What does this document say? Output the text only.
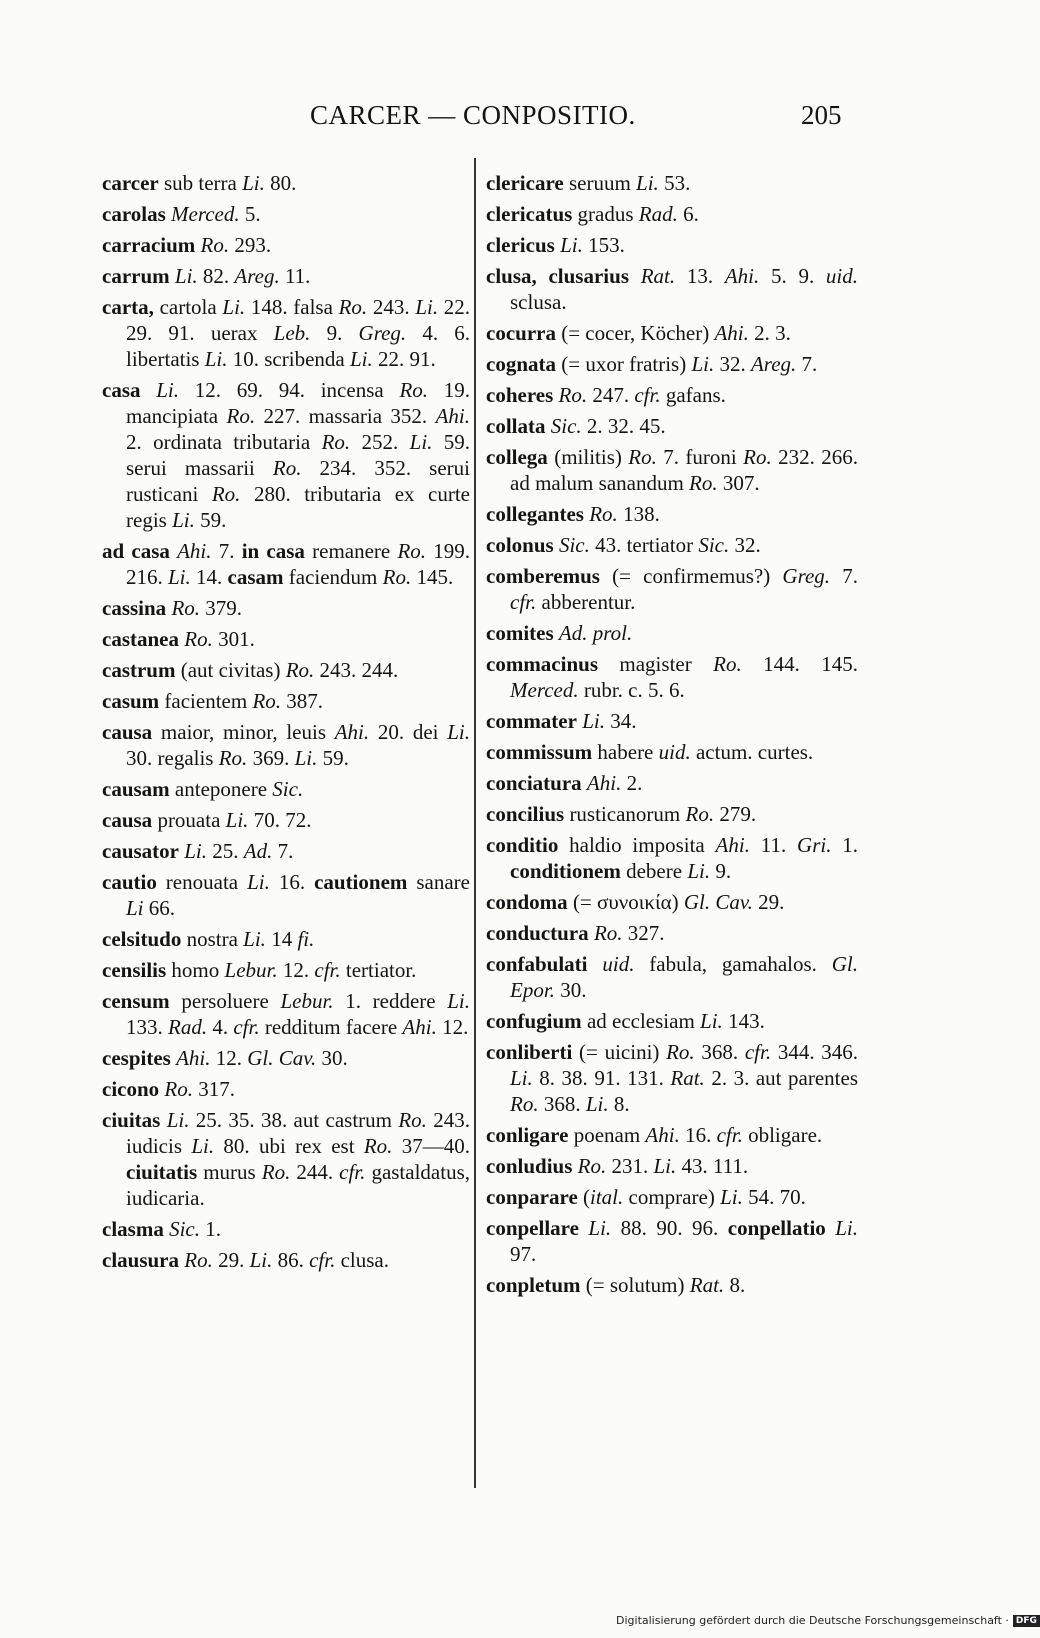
CARCER — CONPOSITIO.	205
carcer sub terra Li. 80.
carolas Merced. 5.
carracium Ro. 293.
carrum Li. 82. Areg. 11.
carta, cartola Li. 148. falsa Ro. 243. Li. 22. 29. 91. uerax Leb. 9. Greg. 4. 6. libertatis Li. 10. scribenda Li. 22. 91.
casa Li. 12. 69. 94. incensa Ro. 19. mancipiata Ro. 227. massaria 352. Ahi. 2. ordinata tributaria Ro. 252. Li. 59. serui massarii Ro. 234. 352. serui rusticani Ro. 280. tributaria ex curte regis Li. 59.
ad casa Ahi. 7. in casa remanere Ro. 199. 216. Li. 14. casam faciendum Ro. 145.
cassina Ro. 379.
castanea Ro. 301.
castrum (aut civitas) Ro. 243. 244.
casum facientem Ro. 387.
causa maior, minor, leuis Ahi. 20. dei Li. 30. regalis Ro. 369. Li. 59.
causam anteponere Sic.
causa prouata Li. 70. 72.
causator Li. 25. Ad. 7.
cautio renouata Li. 16. cautionem sanare Li 66.
celsitudo nostra Li. 14 fi.
censilis homo Lebur. 12. cfr. tertiator.
censum persoluere Lebur. 1. reddere Li. 133. Rad. 4. cfr. redditum facere Ahi. 12.
cespites Ahi. 12. Gl. Cav. 30.
cicono Ro. 317.
ciuitas Li. 25. 35. 38. aut castrum Ro. 243. iudicis Li. 80. ubi rex est Ro. 37—40. ciuitatis murus Ro. 244. cfr. gastaldatus, iudicaria.
clasma Sic. 1.
clausura Ro. 29. Li. 86. cfr. clusa.
clericare seruum Li. 53.
clericatus gradus Rad. 6.
clericus Li. 153.
clusa, clusarius Rat. 13. Ahi. 5. 9. uid. sclusa.
cocurra (= cocer, Köcher) Ahi. 2. 3.
cognata (= uxor fratris) Li. 32. Areg. 7.
coheres Ro. 247. cfr. gafans.
collata Sic. 2. 32. 45.
collega (militis) Ro. 7. furoni Ro. 232. 266. ad malum sanandum Ro. 307.
collegantes Ro. 138.
colonus Sic. 43. tertiator Sic. 32.
comberemus (= confirmemus?) Greg. 7. cfr. abberentur.
comites Ad. prol.
commacinus magister Ro. 144. 145. Merced. rubr. c. 5. 6.
commater Li. 34.
commissum habere uid. actum. curtes.
conciatura Ahi. 2.
concilius rusticanorum Ro. 279.
conditio haldio imposita Ahi. 11. Gri. 1. conditionem debere Li. 9.
condoma (= συνοικία) Gl. Cav. 29.
conductura Ro. 327.
confabulati uid. fabula, gamahalos. Gl. Epor. 30.
confugium ad ecclesiam Li. 143.
conliberti (= uicini) Ro. 368. cfr. 344. 346. Li. 8. 38. 91. 131. Rat. 2. 3. aut parentes Ro. 368. Li. 8.
conligare poenam Ahi. 16. cfr. obligare.
conludius Ro. 231. Li. 43. 111.
conparare (ital. comprare) Li. 54. 70.
conpellare Li. 88. 90. 96. conpellatio Li. 97.
conpletum (= solutum) Rat. 8.
Digitalisierung gefördert durch die Deutsche Forschungsgemeinschaft · DFG
